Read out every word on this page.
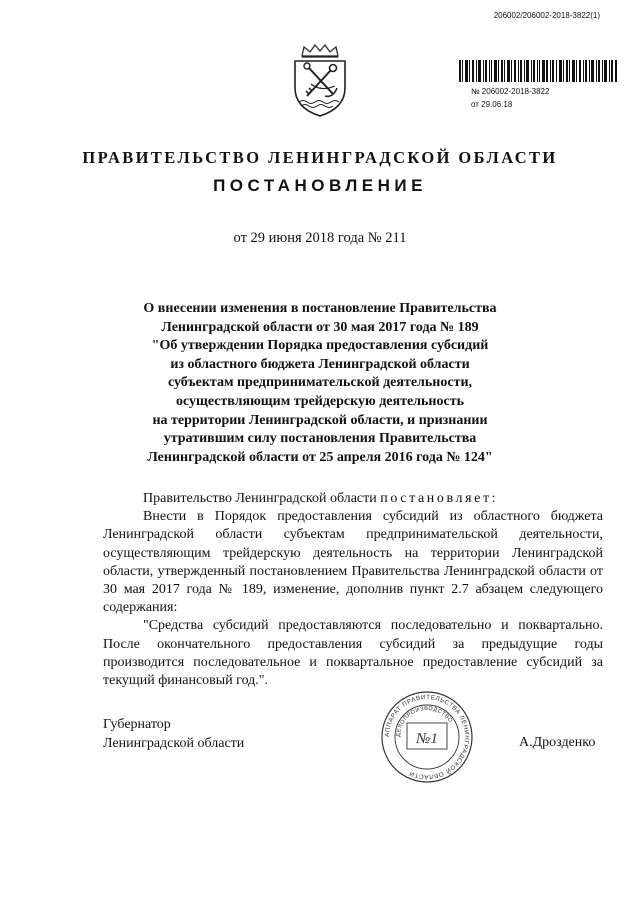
206002/206002-2018-3822(1)
№ 206002-2018-3822
от 29.06.18
ПРАВИТЕЛЬСТВО ЛЕНИНГРАДСКОЙ ОБЛАСТИ
ПОСТАНОВЛЕНИЕ
от 29 июня 2018 года № 211
О внесении изменения в постановление Правительства
Ленинградской области от 30 мая 2017 года № 189
"Об утверждении Порядка предоставления субсидий
из областного бюджета Ленинградской области
субъектам предпринимательской деятельности,
осуществляющим трейдерскую деятельность
на территории Ленинградской области, и признании
утратившим силу постановления Правительства
Ленинградской области от 25 апреля 2016 года № 124"

Правительство Ленинградской области постановляет:

Внести в Порядок предоставления субсидий из областного бюджета Ленинградской области субъектам предпринимательской деятельности, осуществляющим трейдерскую деятельность на территории Ленинградской области, утвержденный постановлением Правительства Ленинградской области от 30 мая 2017 года № 189, изменение, дополнив пункт 2.7 абзацем следующего содержания:

"Средства субсидий предоставляются последовательно и поквартально. После окончательного предоставления субсидий за предыдущие годы производится последовательное и поквартальное предоставление субсидий за текущий финансовый год.".

Губернатор
Ленинградской области	А.Дрозденко
АППАРАТ ПРАВИТЕЛЬСТВА ЛЕНИНГРАДСКОЙ ОБЛАСТИ
ДЕЛОПРОИЗВОДСТВО
№1
